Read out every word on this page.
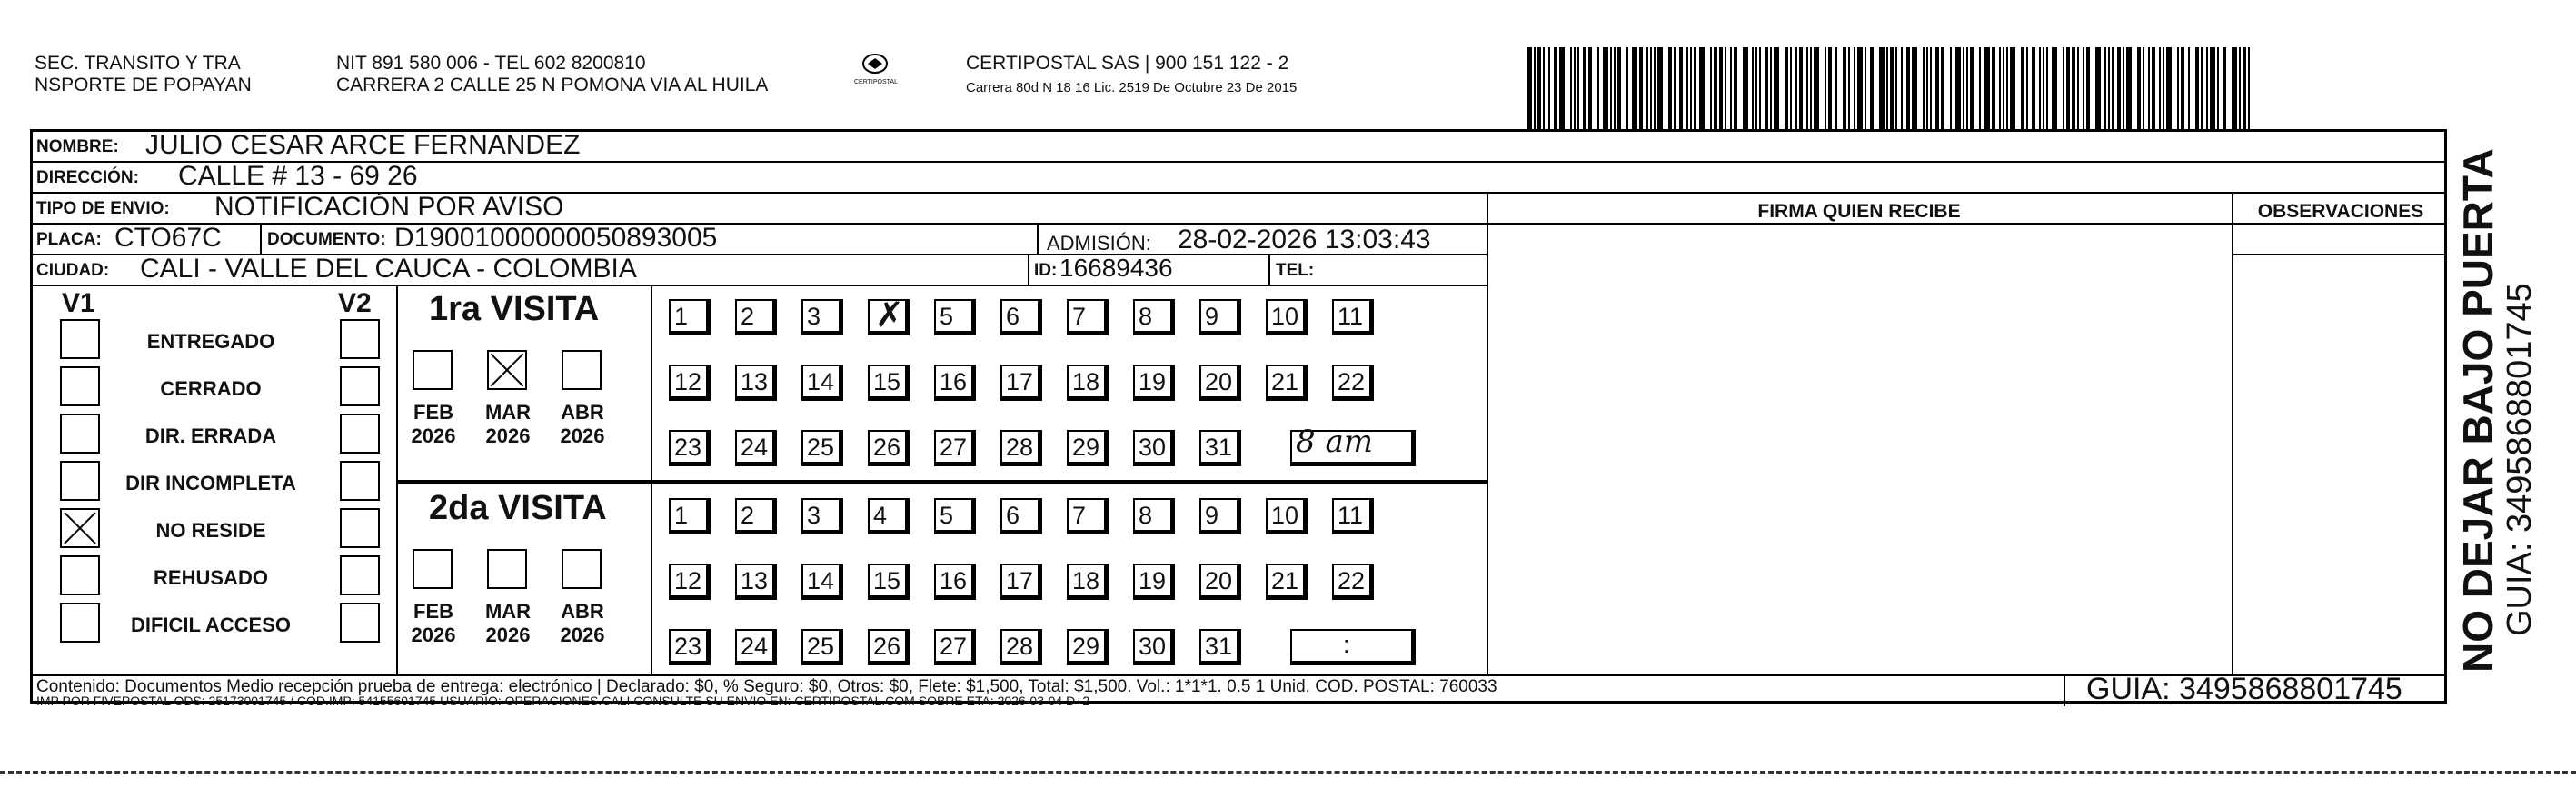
SEC. TRANSITO Y TRA
NSPORTE DE POPAYAN
NIT 891 580 006 - TEL 602 8200810
CARRERA 2 CALLE 25 N POMONA VIA AL HUILA	CERTIPOSTAL
CERTIPOSTAL SAS | 900 151 122 - 2
Carrera 80d N 18 16 Lic. 2519 De Octubre 23 De 2015
NOMBRE: JULIO CESAR ARCE FERNANDEZ
DIRECCIÓN: CALLE # 13 - 69 26
TIPO DE ENVIO: NOTIFICACIÓN POR AVISO
PLACA: CTO67C	DOCUMENTO: D19001000000050893005	ADMISIÓN: 28-02-2026 13:03:43
CIUDAD: CALI - VALLE DEL CAUCA - COLOMBIA	ID: 16689436	TEL:
FIRMA QUIEN RECIBE	OBSERVACIONES
V1	V2
ENTREGADO
CERRADO
DIR. ERRADA
DIR INCOMPLETA
NO RESIDE
REHUSADO
DIFICIL ACCESO
1ra VISITA
FEB
2026
MAR
2026
ABR
2026
1	2	3
✗	5	6	7	8	9	10	11
12	13	14	15	16	17	18	19	20	21	22
23	24	25	26	27	28	29	30	31 8 am
2da VISITA
FEB
2026
MAR
2026
ABR
2026
1	2	3	4	5	6	7	8	9	10	11
12	13	14	15	16	17	18	19	20	21	22
23	24	25	26	27	28	29	30	31	:
Contenido: Documentos Medio recepción prueba de entrega: electrónico | Declarado: $0, % Seguro: $0, Otros: $0, Flete: $1,500, Total: $1,500. Vol.: 1*1*1. 0.5 1 Unid. COD. POSTAL: 760033
IMP POR FIVEPOSTAL ODS: 25173001745 / COD.IMP: 54155601745 USUARIO: OPERACIONES.CALI CONSULTE SU ENVIO EN: CERTIPOSTAL.COM SOBRE ETA: 2026-03-04 D+2	GUIA: 3495868801745
NO DEJAR BAJO PUERTA GUIA: 3495868801745
